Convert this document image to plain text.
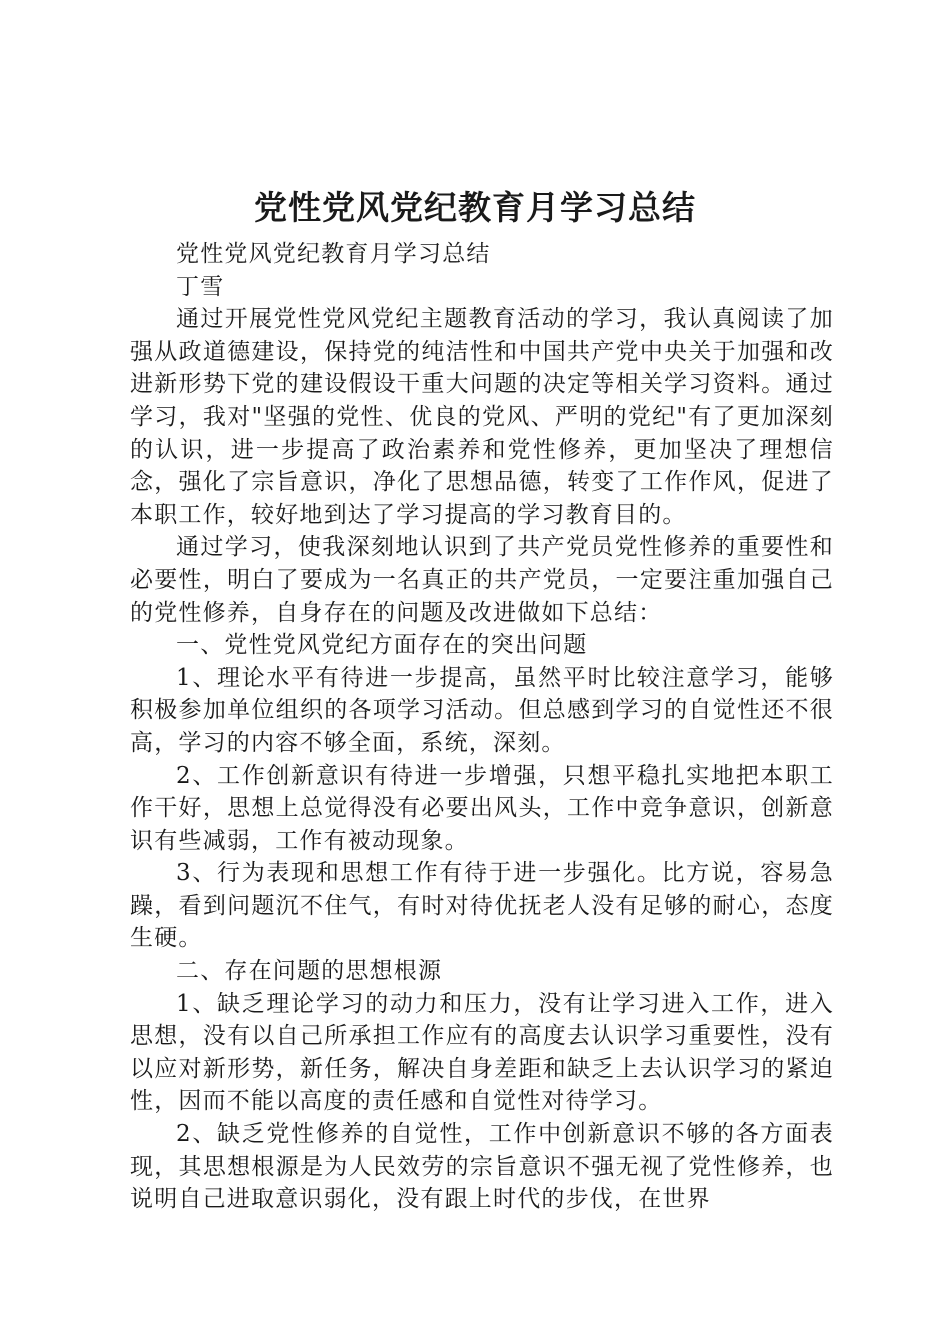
党性党风党纪教育月学习总结

党性党风党纪教育月学习总结

丁雪

通过开展党性党风党纪主题教育活动的学习，我认真阅读了加强从政道德建设，保持党的纯洁性和中国共产党中央关于加强和改进新形势下党的建设假设干重大问题的决定等相关学习资料。通过学习，我对"坚强的党性、优良的党风、严明的党纪"有了更加深刻的认识，进一步提高了政治素养和党性修养，更加坚决了理想信念，强化了宗旨意识，净化了思想品德，转变了工作作风，促进了本职工作，较好地到达了学习提高的学习教育目的。

通过学习，使我深刻地认识到了共产党员党性修养的重要性和必要性，明白了要成为一名真正的共产党员，一定要注重加强自己的党性修养，自身存在的问题及改进做如下总结：

一、党性党风党纪方面存在的突出问题

1、理论水平有待进一步提高，虽然平时比较注意学习，能够积极参加单位组织的各项学习活动。但总感到学习的自觉性还不很高，学习的内容不够全面，系统，深刻。

2、工作创新意识有待进一步增强，只想平稳扎实地把本职工作干好，思想上总觉得没有必要出风头，工作中竞争意识，创新意识有些减弱，工作有被动现象。

3、行为表现和思想工作有待于进一步强化。比方说，容易急躁，看到问题沉不住气，有时对待优抚老人没有足够的耐心，态度生硬。

二、存在问题的思想根源

1、缺乏理论学习的动力和压力，没有让学习进入工作，进入思想，没有以自己所承担工作应有的高度去认识学习重要性，没有以应对新形势，新任务，解决自身差距和缺乏上去认识学习的紧迫性，因而不能以高度的责任感和自觉性对待学习。

2、缺乏党性修养的自觉性，工作中创新意识不够的各方面表现，其思想根源是为人民效劳的宗旨意识不强无视了党性修养，也说明自己进取意识弱化，没有跟上时代的步伐，在世界
